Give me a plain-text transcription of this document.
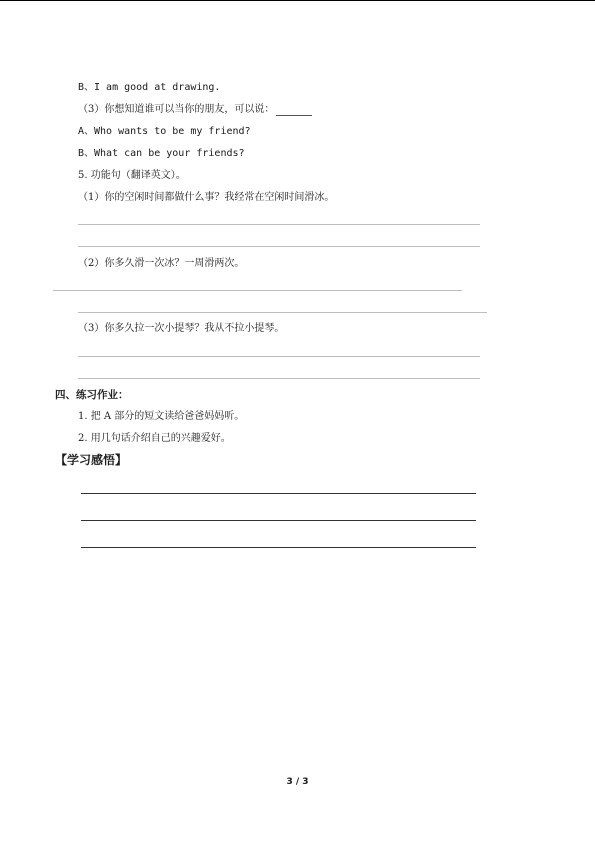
B、I am good at drawing.
（3）你想知道谁可以当你的朋友，可以说：
A、Who wants to be my friend?
B、What can be your friends?
5. 功能句（翻译英文）。
（1）你的空闲时间都做什么事？我经常在空闲时间滑冰。
（2）你多久滑一次冰？一周滑两次。
（3）你多久拉一次小提琴？我从不拉小提琴。
四、练习作业：
1. 把 A 部分的短文读给爸爸妈妈听。
2. 用几句话介绍自己的兴趣爱好。
【学习感悟】
3 / 3
